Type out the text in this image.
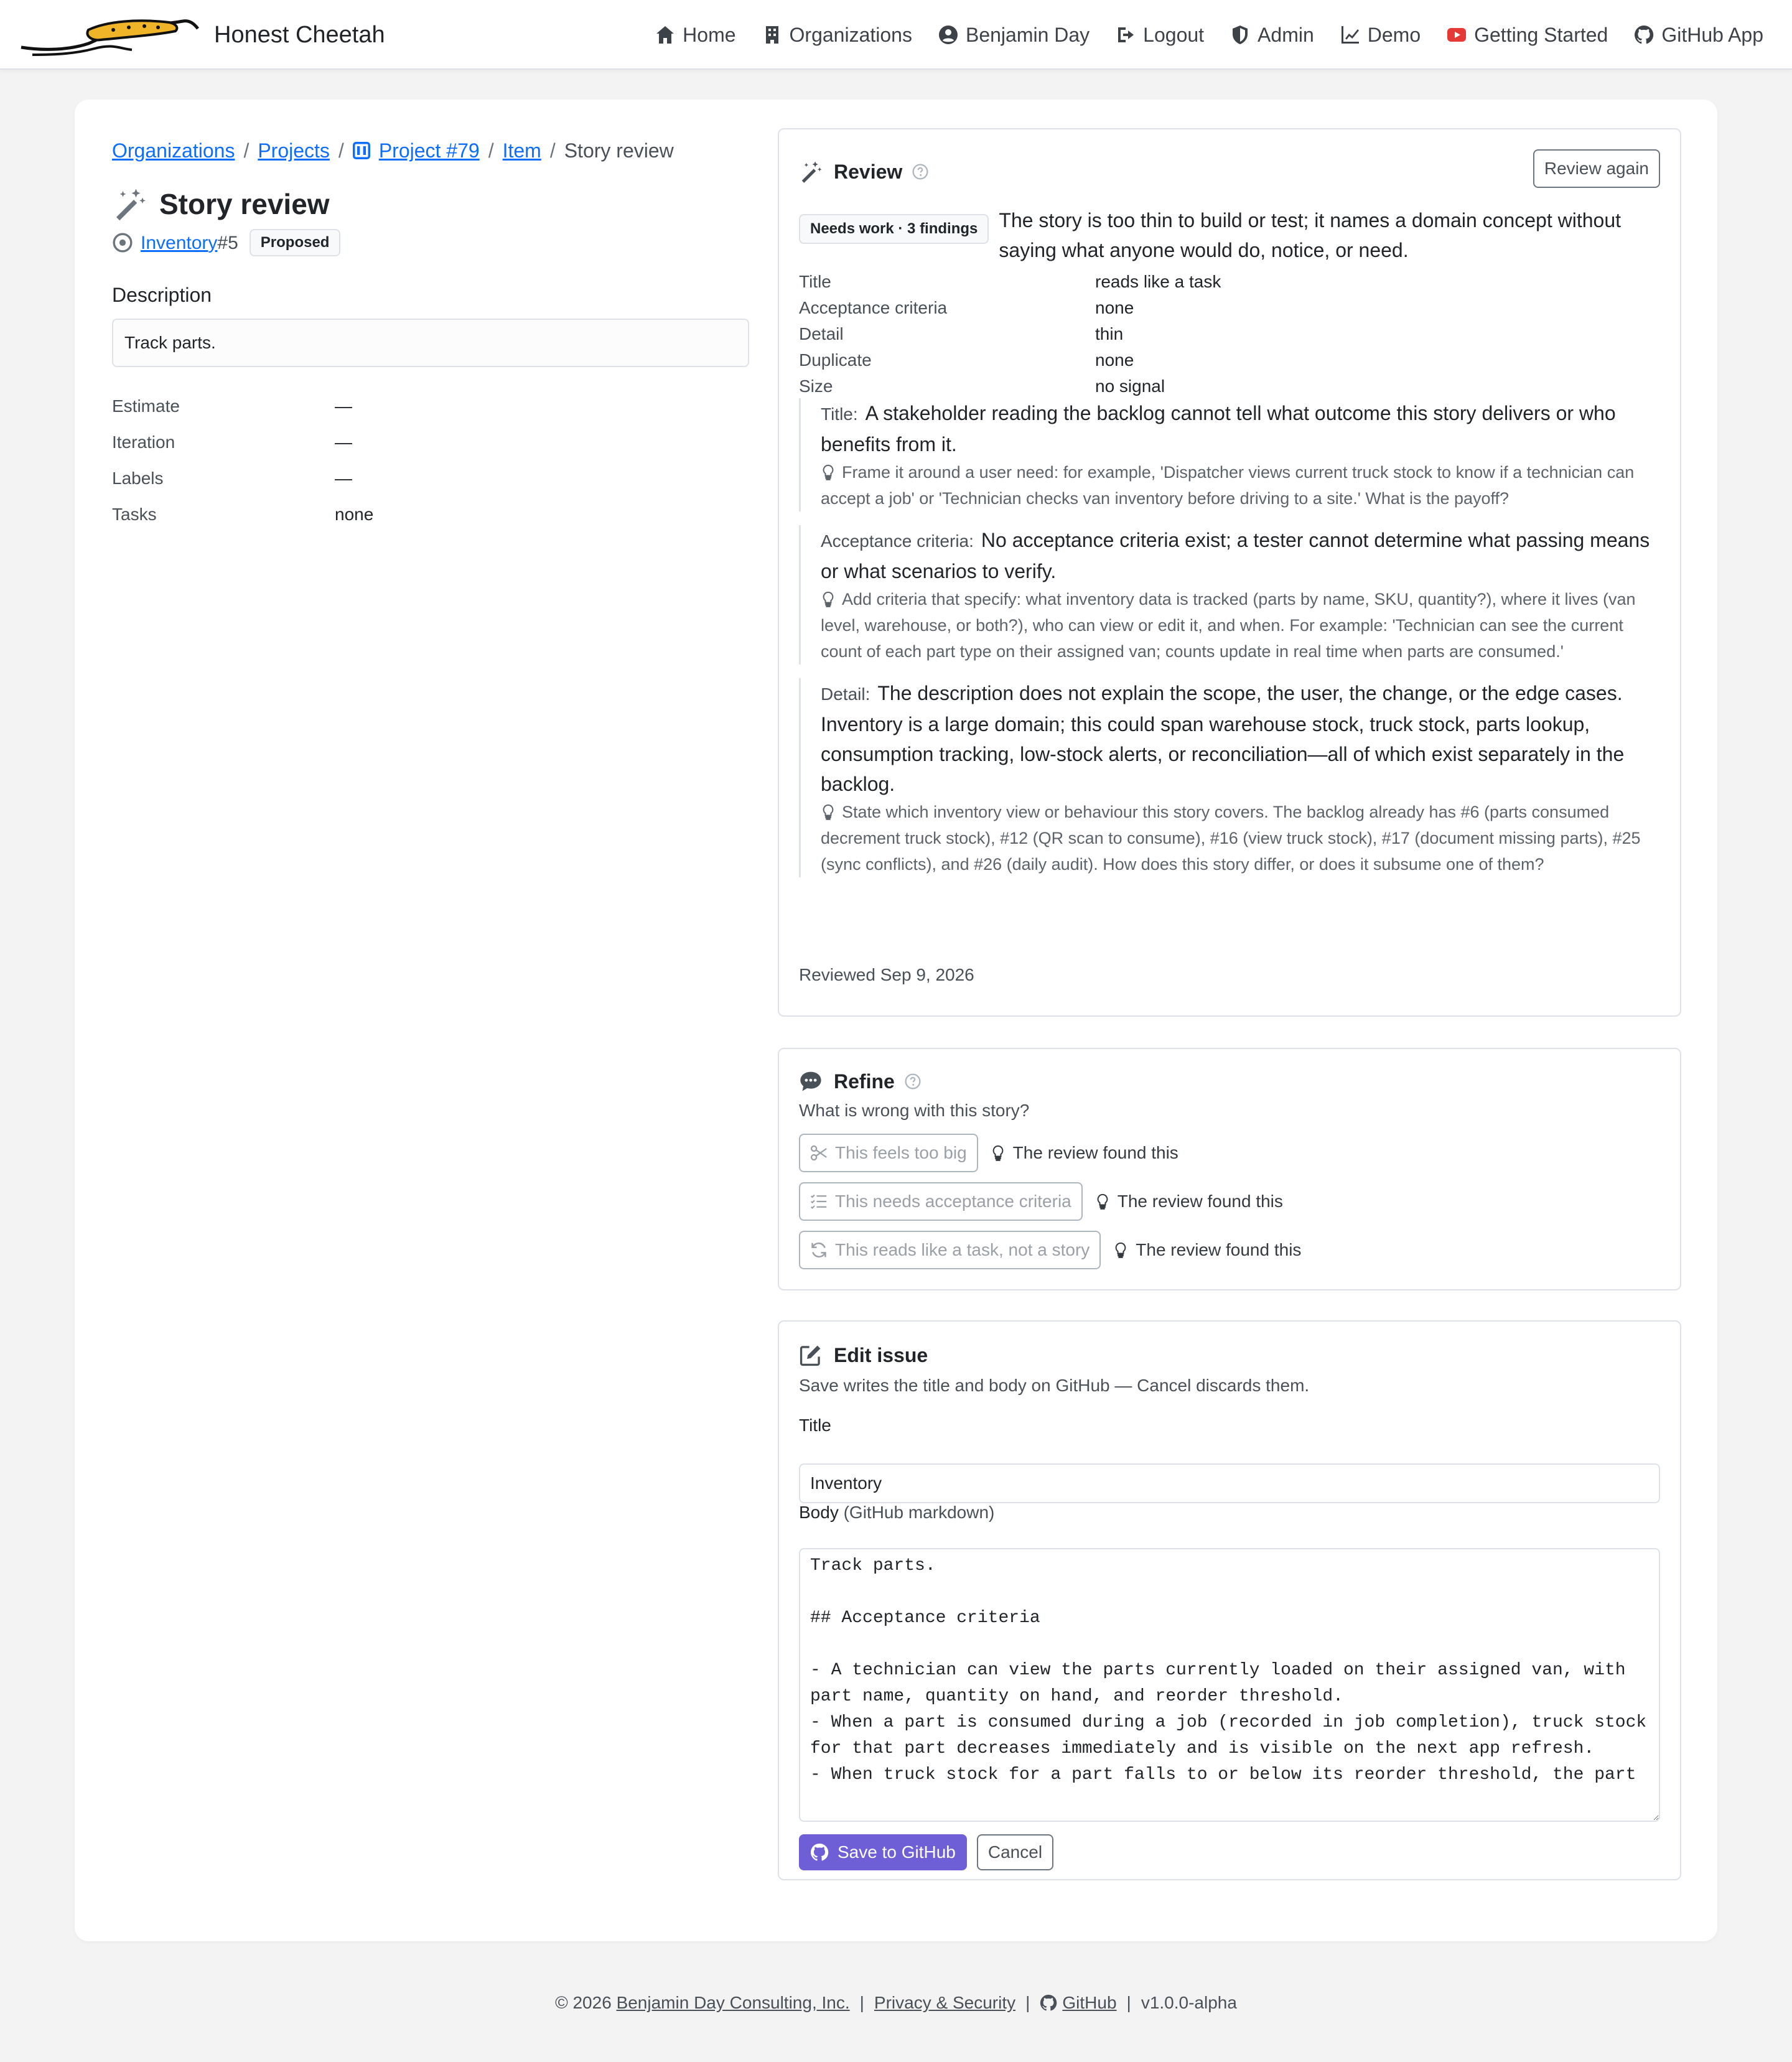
Honest Cheetah	Home	Organizations	Benjamin Day	Logout	Admin	Demo	Getting Started	GitHub App
Organizations / Projects / Project #79 / Item / Story review
Story review
Inventory #5	Proposed
Description
Track parts.
Estimate	—
Iteration	—
Labels	—
Tasks	none
Review	Review again
Needs work · 3 findings	The story is too thin to build or test; it names a domain concept without saying what anyone would do, notice, or need.
Title	reads like a task
Acceptance criteria	none
Detail	thin
Duplicate	none
Size	no signal
Title: A stakeholder reading the backlog cannot tell what outcome this story delivers or who benefits from it.
Frame it around a user need: for example, 'Dispatcher views current truck stock to know if a technician can accept a job' or 'Technician checks van inventory before driving to a site.' What is the payoff?
Acceptance criteria: No acceptance criteria exist; a tester cannot determine what passing means or what scenarios to verify.
Add criteria that specify: what inventory data is tracked (parts by name, SKU, quantity?), where it lives (van level, warehouse, or both?), who can view or edit it, and when. For example: 'Technician can see the current count of each part type on their assigned van; counts update in real time when parts are consumed.'
Detail: The description does not explain the scope, the user, the change, or the edge cases. Inventory is a large domain; this could span warehouse stock, truck stock, parts lookup, consumption tracking, low-stock alerts, or reconciliation—all of which exist separately in the backlog.
State which inventory view or behaviour this story covers. The backlog already has #6 (parts consumed decrement truck stock), #12 (QR scan to consume), #16 (view truck stock), #17 (document missing parts), #25 (sync conflicts), and #26 (daily audit). How does this story differ, or does it subsume one of them?
Reviewed Sep 9, 2026
Refine
What is wrong with this story?
This feels too big	The review found this
This needs acceptance criteria	The review found this
This reads like a task, not a story	The review found this
Edit issue
Save writes the title and body on GitHub — Cancel discards them.
Title
Inventory
Body (GitHub markdown)
Track parts. ## Acceptance criteria - A technician can view the parts currently loaded on their assigned van, with part name, quantity on hand, and reorder threshold. - When a part is consumed during a job (recorded in job completion), truck stock for that part decreases immediately and is visible on the next app refresh. - When truck stock for a part falls to or below its reorder threshold, the part
Save to GitHub	Cancel
© 2026
Benjamin Day Consulting, Inc. | Privacy & Security | GitHub | v1.0.0-alpha
